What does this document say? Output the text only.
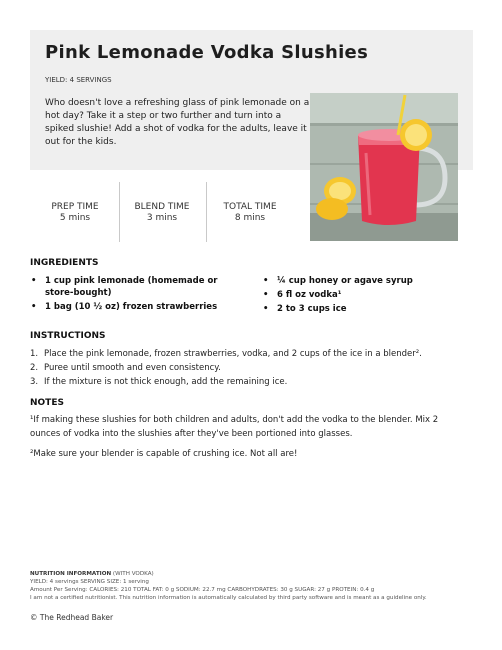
Pink Lemonade Vodka Slushies
YIELD: 4 SERVINGS
Who doesn't love a refreshing glass of pink lemonade on a hot day? Take it a step or two further and turn into a spiked slushie! Add a shot of vodka for the adults, leave it out for the kids.
PREP TIME
5 mins
BLEND TIME
3 mins
TOTAL TIME
8 mins
INGREDIENTS
• 1 cup pink lemonade (homemade or store-bought)
• 1 bag (10 ½ oz) frozen strawberries
• ¼ cup honey or agave syrup
• 6 fl oz vodka¹
• 2 to 3 cups ice
INSTRUCTIONS
1. Place the pink lemonade, frozen strawberries, vodka, and 2 cups of the ice in a blender².
2. Puree until smooth and even consistency.
3. If the mixture is not thick enough, add the remaining ice.
NOTES
¹If making these slushies for both children and adults, don't add the vodka to the blender. Mix 2 ounces of vodka into the slushies after they've been portioned into glasses.
²Make sure your blender is capable of crushing ice. Not all are!
NUTRITION INFORMATION (WITH VODKA)
YIELD: 4 servings SERVING SIZE: 1 serving
Amount Per Serving: CALORIES: 210 TOTAL FAT: 0 g SODIUM: 22.7 mg CARBOHYDRATES: 30 g SUGAR: 27 g PROTEIN: 0.4 g
I am not a certified nutritionist. This nutrition information is automatically calculated by third party software and is meant as a guideline only.
© The Redhead Baker
